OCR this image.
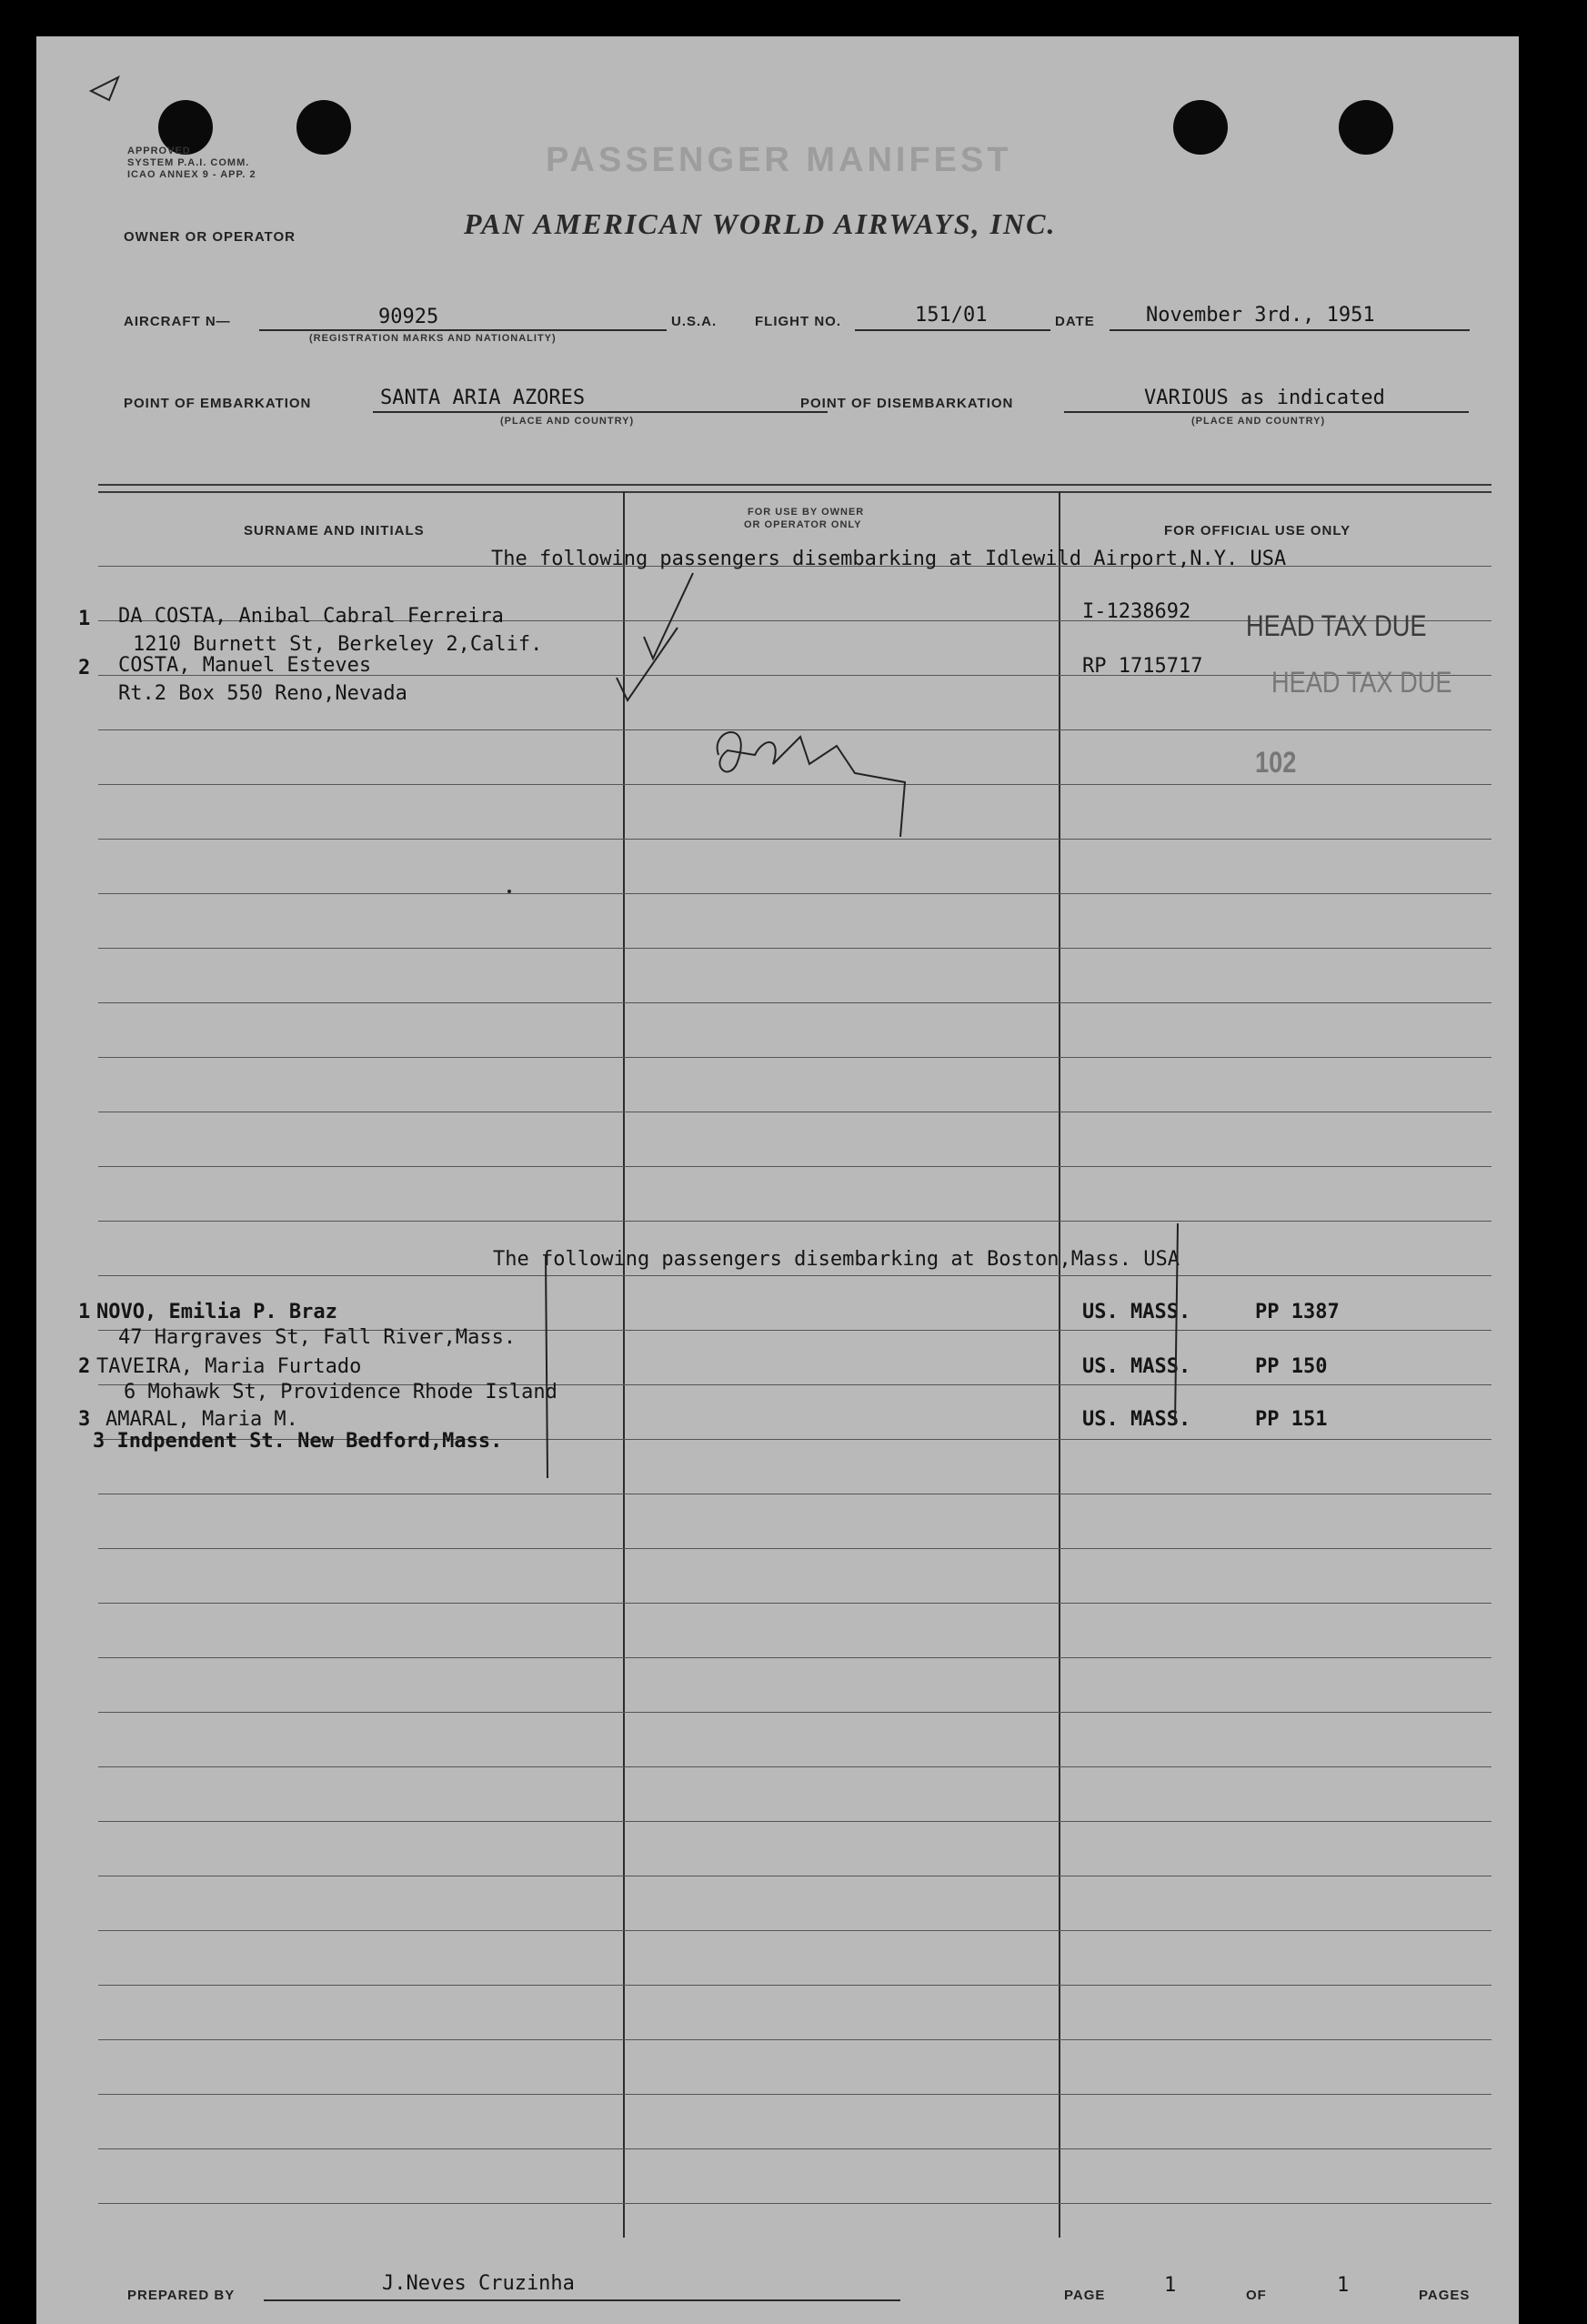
APPROVED
SYSTEM P.A.I. COMM.
ICAO ANNEX 9 - APP. 2	PASSENGER MANIFEST
OWNER OR OPERATOR	PAN AMERICAN WORLD AIRWAYS, INC.
AIRCRAFT N—	90925
(REGISTRATION MARKS AND NATIONALITY)
U.S.A.	FLIGHT NO.	151/01	DATE	November 3rd., 1951
POINT OF EMBARKATION	SANTA ARIA AZORES
(PLACE AND COUNTRY)
POINT OF DISEMBARKATION	VARIOUS as indicated
(PLACE AND COUNTRY)
SURNAME AND INITIALS
FOR USE BY OWNER
OR OPERATOR ONLY	FOR OFFICIAL USE ONLY
The following passengers disembarking at Idlewild Airport,N.Y. USA
1 DA COSTA, Anibal Cabral Ferreira
1210 Burnett St, Berkeley 2,Calif.
I-1238692
2 COSTA, Manuel Esteves
Rt.2 Box 550 Reno,Nevada
RP 1715717
HEAD TAX DUE
HEAD TAX DUE
102
The following passengers disembarking at Boston,Mass. USA
1 NOVO, Emilia P. Braz
47 Hargraves St, Fall River,Mass.
US. MASS.	PP 1387
2 TAVEIRA, Maria Furtado
6 Mohawk St, Providence Rhode Island
US. MASS.	PP 150
3 AMARAL, Maria M.
3 Indpendent St. New Bedford,Mass.
US. MASS.	PP 151
PREPARED BY
J.Neves Cruzinha
PAGE	1	OF	1	PAGES
